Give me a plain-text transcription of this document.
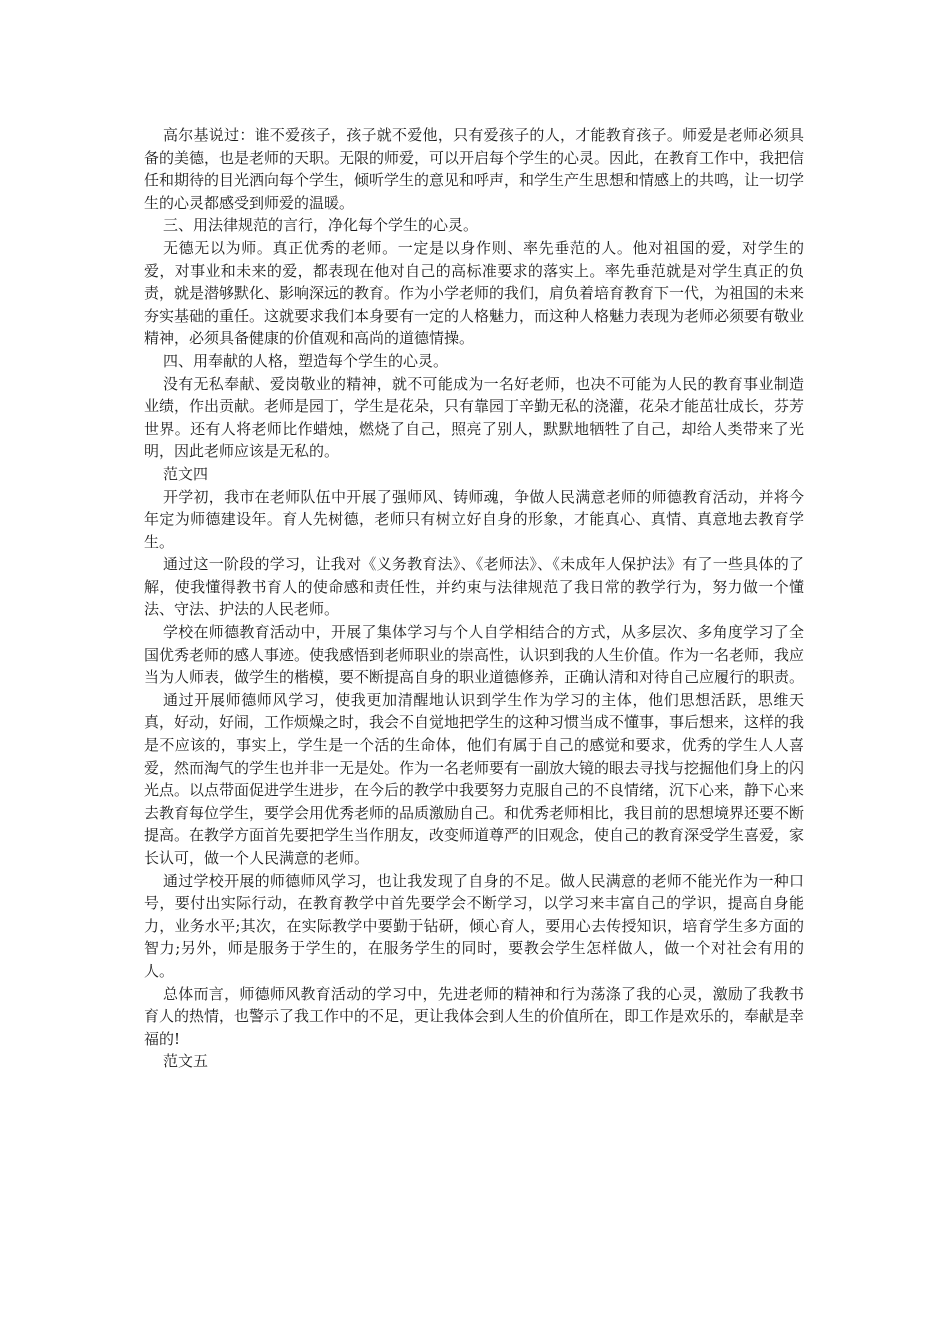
高尔基说过：谁不爱孩子，孩子就不爱他，只有爱孩子的人，才能教育孩子。师爱是老师必须具备的美德，也是老师的天职。无限的师爱，可以开启每个学生的心灵。因此，在教育工作中，我把信任和期待的目光洒向每个学生，倾听学生的意见和呼声，和学生产生思想和情感上的共鸣，让一切学生的心灵都感受到师爱的温暖。

三、用法律规范的言行，净化每个学生的心灵。

无德无以为师。真正优秀的老师。一定是以身作则、率先垂范的人。他对祖国的爱，对学生的爱，对事业和未来的爱，都表现在他对自己的高标准要求的落实上。率先垂范就是对学生真正的负责，就是潜够默化、影响深远的教育。作为小学老师的我们，肩负着培育教育下一代，为祖国的未来夯实基础的重任。这就要求我们本身要有一定的人格魅力，而这种人格魅力表现为老师必须要有敬业精神，必须具备健康的价值观和高尚的道德情操。

四、用奉献的人格，塑造每个学生的心灵。

没有无私奉献、爱岗敬业的精神，就不可能成为一名好老师，也决不可能为人民的教育事业制造业绩，作出贡献。老师是园丁，学生是花朵，只有靠园丁辛勤无私的浇灌，花朵才能茁壮成长，芬芳世界。还有人将老师比作蜡烛，燃烧了自己，照亮了别人，默默地牺牲了自己，却给人类带来了光明，因此老师应该是无私的。

范文四

开学初，我市在老师队伍中开展了强师风、铸师魂，争做人民满意老师的师德教育活动，并将今年定为师德建设年。育人先树德，老师只有树立好自身的形象，才能真心、真情、真意地去教育学生。

通过这一阶段的学习，让我对《义务教育法》、《老师法》、《未成年人保护法》有了一些具体的了解，使我懂得教书育人的使命感和责任性，并约束与法律规范了我日常的教学行为，努力做一个懂法、守法、护法的人民老师。

学校在师德教育活动中，开展了集体学习与个人自学相结合的方式，从多层次、多角度学习了全国优秀老师的感人事迹。使我感悟到老师职业的崇高性，认识到我的人生价值。作为一名老师，我应当为人师表，做学生的楷模，要不断提高自身的职业道德修养，正确认清和对待自己应履行的职责。

通过开展师德师风学习，使我更加清醒地认识到学生作为学习的主体，他们思想活跃，思维天真，好动，好闹，工作烦燥之时，我会不自觉地把学生的这种习惯当成不懂事，事后想来，这样的我是不应该的，事实上，学生是一个活的生命体，他们有属于自己的感觉和要求，优秀的学生人人喜爱，然而淘气的学生也并非一无是处。作为一名老师要有一副放大镜的眼去寻找与挖掘他们身上的闪光点。以点带面促进学生进步，在今后的教学中我要努力克服自己的不良情绪，沉下心来，静下心来去教育每位学生，要学会用优秀老师的品质激励自己。和优秀老师相比，我目前的思想境界还要不断提高。在教学方面首先要把学生当作朋友，改变师道尊严的旧观念，使自己的教育深受学生喜爱，家长认可，做一个人民满意的老师。

通过学校开展的师德师风学习，也让我发现了自身的不足。做人民满意的老师不能光作为一种口号，要付出实际行动，在教育教学中首先要学会不断学习，以学习来丰富自己的学识，提高自身能力，业务水平;其次，在实际教学中要勤于钻研，倾心育人，要用心去传授知识，培育学生多方面的智力;另外，师是服务于学生的，在服务学生的同时，要教会学生怎样做人，做一个对社会有用的人。

总体而言，师德师风教育活动的学习中，先进老师的精神和行为荡涤了我的心灵，激励了我教书育人的热情，也警示了我工作中的不足，更让我体会到人生的价值所在，即工作是欢乐的，奉献是幸福的!

范文五
